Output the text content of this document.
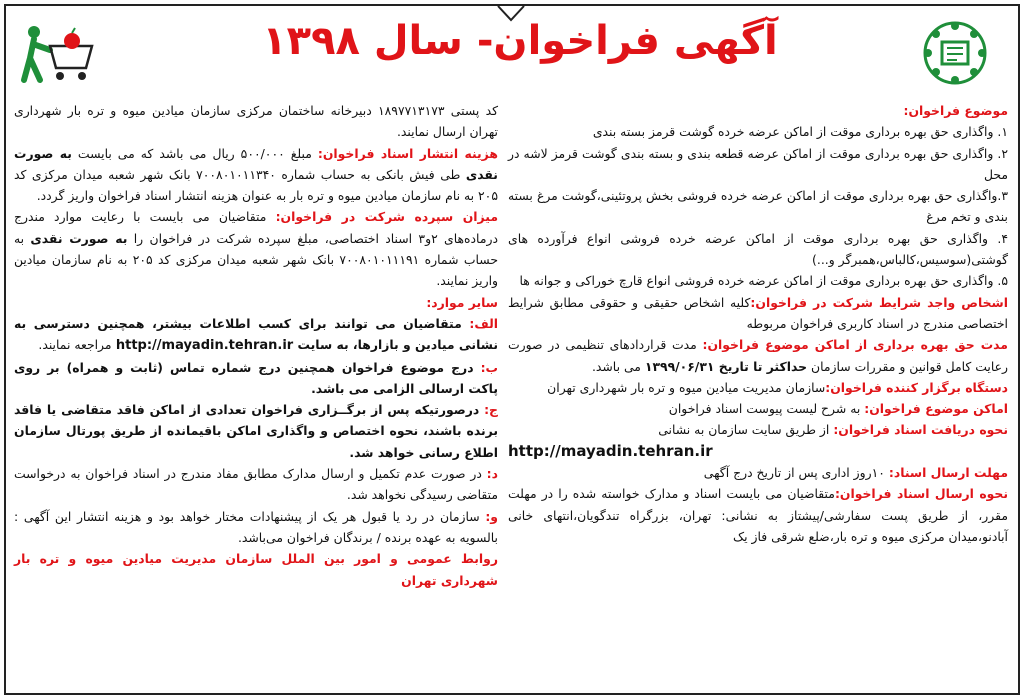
آگهی فراخوان- سال ۱۳۹۸
موضوع فراخوان:
۱. واگذاری حق بهره برداری موقت از اماکن عرضه خرده گوشت قرمز بسته بندی
۲. واگذاری حق بهره برداری موقت از اماکن عرضه قطعه بندی و بسته بندی گوشت قرمز لاشه در محل
۳.واگذاری حق بهره برداری موقت از اماکن عرضه خرده فروشی بخش پروتئینی،گوشت مرغ بسته بندی و تخم مرغ
۴. واگذاری حق بهره برداری موقت از اماکن عرضه خرده فروشی انواع فرآورده های گوشتی(سوسیس،کالباس،همبرگر و...)
۵. واگذاری حق بهره برداری موقت از اماکن عرضه خرده فروشی انواع قارچ خوراکی و جوانه ها
اشخاص واجد شرایط شرکت در فراخوان:کلیه اشخاص حقیقی و حقوقی مطابق شرایط اختصاصی مندرج در اسناد کاربری فراخوان مربوطه
مدت حق بهره برداری از اماکن موضوع فراخوان: مدت قراردادهای تنظیمی در صورت رعایت کامل قوانین و مقررات سازمان حداکثر تا تاریخ ۱۳۹۹/۰۶/۳۱ می باشد.
دستگاه برگزار کننده فراخوان:سازمان مدیریت میادین میوه و تره بار شهرداری تهران
اماکن موضوع فراخوان: به شرح لیست پیوست اسناد فراخوان
نحوه دریافت اسناد فراخوان: از طریق سایت سازمان به نشانی
http://mayadin.tehran.ir
مهلت ارسال اسناد: ۱۰روز اداری پس از تاریخ درج آگهی
نحوه ارسال اسناد فراخوان:متقاضیان می بایست اسناد و مدارک خواسته شده را در مهلت مقرر، از طریق پست سفارشی/پیشتاز به نشانی: تهران، بزرگراه تندگویان،انتهای خانی آبادنو،میدان مرکزی میوه و تره بار،ضلع شرقی فاز یک
کد پستی ۱۸۹۷۷۱۳۱۷۳ دبیرخانه ساختمان مرکزی سازمان میادین میوه و تره بار شهرداری تهران ارسال نمایند.
هزینه انتشار اسناد فراخوان: مبلغ ۵۰۰/۰۰۰ ریال می باشد که می بایست به صورت نقدی طی فیش بانکی به حساب شماره ۷۰۰۸۰۱۰۱۱۳۴۰ بانک شهر شعبه میدان مرکزی کد ۲۰۵ به نام سازمان میادین میوه و تره بار به عنوان هزینه انتشار اسناد فراخوان واریز گردد.
میزان سپرده شرکت در فراخوان: متقاضیان می بایست با رعایت موارد مندرج درماده‌های ۲و۳ اسناد اختصاصی، مبلغ سپرده شرکت در فراخوان را به صورت نقدی به حساب شماره ۷۰۰۸۰۱۰۱۱۱۹۱ بانک شهر شعبه میدان مرکزی کد ۲۰۵ به نام سازمان میادین واریز نمایند.
سایر موارد:
الف: متقاضیان می توانند برای کسب اطلاعات بیشتر، همچنین دسترسی به نشانی میادین و بازارها، به سایت http://mayadin.tehran.ir مراجعه نمایند.
ب: درج موضوع فراخوان همچنین درج شماره تماس (ثابت و همراه) بر روی پاکت ارسالی الزامی می باشد.
ج: درصورتیکه پس از برگــزاری فراخوان تعدادی از اماکن فاقد متقاضی یا فاقد برنده باشند، نحوه اختصاص و واگذاری اماکن باقیمانده از طریق پورتال سازمان اطلاع رسانی خواهد شد.
د: در صورت عدم تکمیل و ارسال مدارک مطابق مفاد مندرج در اسناد فراخوان به درخواست متقاضی رسیدگی نخواهد شد.
و: سازمان در رد یا قبول هر یک از پیشنهادات مختار خواهد بود و هزینه انتشار این آگهی : بالسویه به عهده برنده / برندگان فراخوان می‌باشد.
روابط عمومی و امور بین الملل سازمان مدیریت میادین میوه و تره بار شهرداری تهران
